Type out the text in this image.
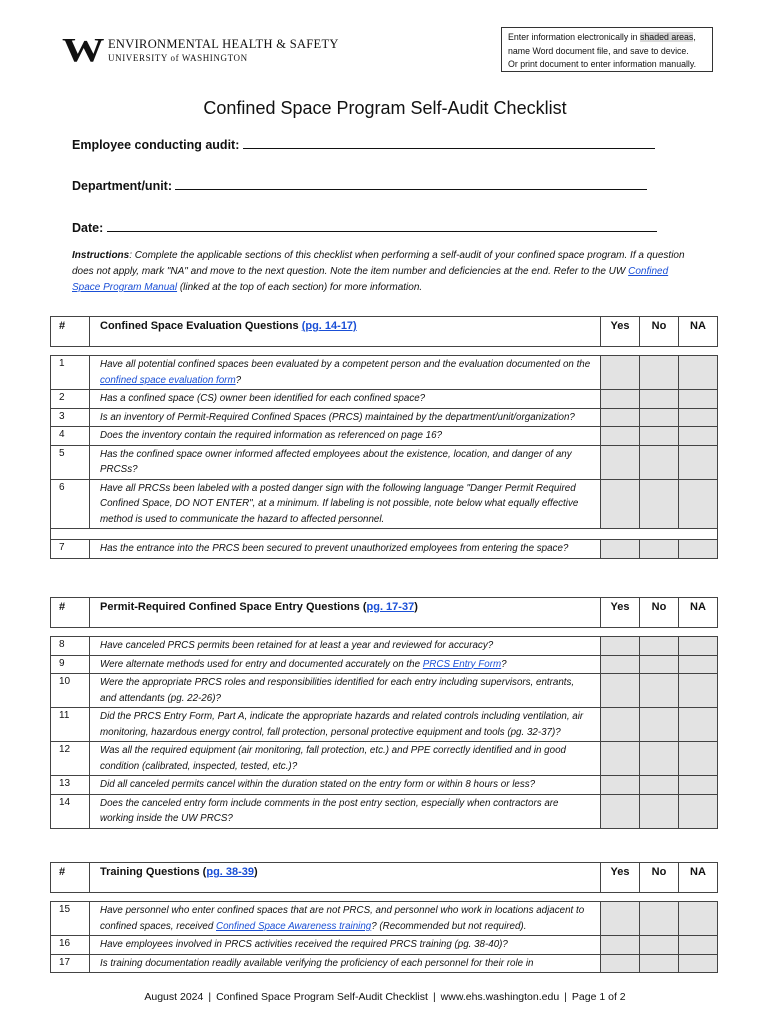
W ENVIRONMENTAL HEALTH & SAFETY
UNIVERSITY of WASHINGTON
Enter information electronically in shaded areas,
name Word document file, and save to device.
Or print document to enter information manually.
Confined Space Program Self-Audit Checklist
Employee conducting audit:
Department/unit:
Date:
Instructions: Complete the applicable sections of this checklist when performing a self-audit of your confined space program. If a question does not apply, mark "NA" and move to the next question. Note the item number and deficiencies at the end. Refer to the UW Confined Space Program Manual (linked at the top of each section) for more information.
#	Confined Space Evaluation Questions (pg. 14-17)	Yes	No	NA

1	Have all potential confined spaces been evaluated by a competent person and the evaluation documented on the confined space evaluation form?			
2	Has a confined space (CS) owner been identified for each confined space?			
3	Is an inventory of Permit-Required Confined Spaces (PRCS) maintained by the department/unit/organization?			
4	Does the inventory contain the required information as referenced on page 16?			
5	Has the confined space owner informed affected employees about the existence, location, and danger of any PRCSs?			
6	Have all PRCSs been labeled with a posted danger sign with the following language "Danger Permit Required Confined Space, DO NOT ENTER", at a minimum. If labeling is not possible, note below what equally effective method is used to communicate the hazard to affected personnel.			

7	Has the entrance into the PRCS been secured to prevent unauthorized employees from entering the space?			
#	Permit-Required Confined Space Entry Questions (pg. 17-37)	Yes	No	NA

8	Have canceled PRCS permits been retained for at least a year and reviewed for accuracy?			
9	Were alternate methods used for entry and documented accurately on the PRCS Entry Form?			
10	Were the appropriate PRCS roles and responsibilities identified for each entry including supervisors, entrants, and attendants (pg. 22-26)?			
11	Did the PRCS Entry Form, Part A, indicate the appropriate hazards and related controls including ventilation, air monitoring, hazardous energy control, fall protection, personal protective equipment and tools (pg. 32-37)?			
12	Was all the required equipment (air monitoring, fall protection, etc.) and PPE correctly identified and in good condition (calibrated, inspected, tested, etc.)?			
13	Did all canceled permits cancel within the duration stated on the entry form or within 8 hours or less?			
14	Does the canceled entry form include comments in the post entry section, especially when contractors are working inside the UW PRCS?			
#	Training Questions (pg. 38-39)	Yes	No	NA

15	Have personnel who enter confined spaces that are not PRCS, and personnel who work in locations adjacent to confined spaces, received Confined Space Awareness training? (Recommended but not required).			
16	Have employees involved in PRCS activities received the required PRCS training (pg. 38-40)?			
17	Is training documentation readily available verifying the proficiency of each personnel for their role in			
August 2024 | Confined Space Program Self-Audit Checklist | www.ehs.washington.edu | Page 1 of 2
